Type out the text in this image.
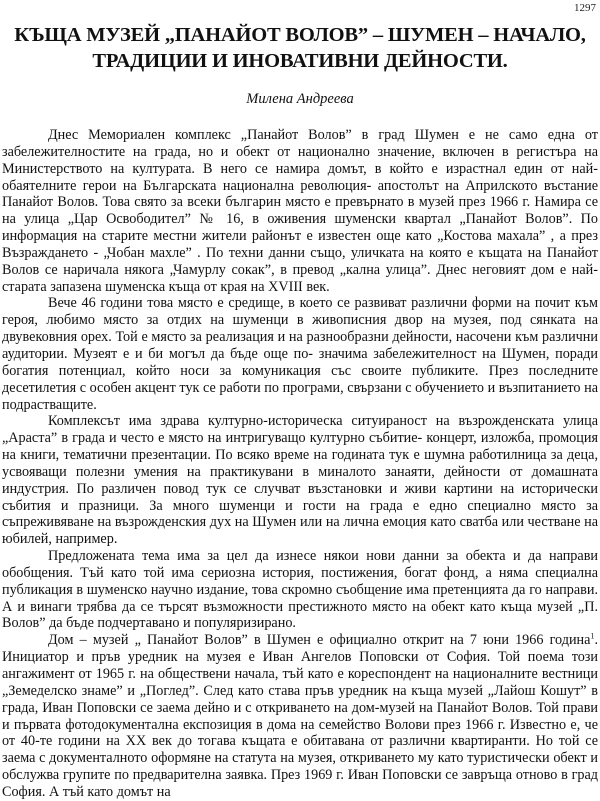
1297
КЪЩА МУЗЕЙ „ПАНАЙОТ ВОЛОВ” – ШУМЕН – НАЧАЛО,
ТРАДИЦИИ И ИНОВАТИВНИ ДЕЙНОСТИ.
Милена Андреева

Днес Мемориален комплекс „Панайот Волов” в град Шумен е не само една от забележителностите на града, но и обект от национално значение, включен в регистъра на Министерството на културата. В него се намира домът, в който е израстнал един от най-обаятелните герои на Българската национална революция- апостолът на Априлското въстание Панайот Волов. Това свято за всеки българин място е превърнато в музей през 1966 г. Намира се на улица „Цар Освободител” № 16, в оживения шуменски квартал „Панайот Волов”. По информация на старите местни жители районът е известен още като „Костова махала” , а през Възраждането - „Чобан махле” . По техни данни също, уличката на която е къщата на Панайот Волов се наричала някога „Чамурлу сокак”, в превод „кална улица”. Днес неговият дом е най-старата запазена шуменска къща от края на XVIII век.

Вече 46 години това място е средище, в което се развиват различни форми на почит към героя, любимо място за отдих на шуменци в живописния двор на музея, под сянката на двувековния орех. Той е място за реализация и на разнообразни дейности, насочени към различни аудитории. Музеят е и би могъл да бъде още по- значима забележителност на Шумен, поради богатия потенциал, който носи за комуникация със своите публиките. През последните десетилетия с особен акцент тук се работи по програми, свързани с обучението и възпитанието на подрастващите.

Комплексът има здрава културно-историческа ситуираност на възрожденската улица „Араста” в града и често е място на интригуващо културно събитие- концерт, изложба, промоция на книги, тематични презентации. По всяко време на годината тук е шумна работилница за деца, усвояващи полезни умения на практикувани в миналото занаяти, дейности от домашната индустрия. По различен повод тук се случват възстановки и живи картини на исторически събития и празници. За много шуменци и гости на града е едно специално място за съпреживяване на възрожденския дух на Шумен или на лична емоция като сватба или честване на юбилей, например.

Предложената тема има за цел да изнесе някои нови данни за обекта и да направи обобщения. Тъй като той има сериозна история, постижения, богат фонд, а няма специална публикация в шуменско научно издание, това скромно съобщение има претенцията да го направи. А и винаги трябва да се търсят възможности престижното място на обект като къща музей „П. Волов” да бъде подчертавано и популяризирано.

Дом – музей „ Панайот Волов” в Шумен е официално открит на 7 юни 1966 година$^1$. Инициатор и пръв уредник на музея е Иван Ангелов Поповски от София. Той поема този ангажимент от 1965 г. на обществени начала, тъй като е кореспондент на националните вестници „Земеделско знаме” и „Поглед”. След като става пръв уредник на къща музей „Лайош Кошут” в града, Иван Поповски се заема дейно и с откриването на дом-музей на Панайот Волов. Той прави и първата фотодокументална експозиция в дома на семейство Волови през 1966 г. Известно е, че от 40-те години на XX век до тогава къщата е обитавана от различни квартиранти. Но той се заема с документалното оформяне на статута на музея, откриването му като туристически обект и обслужва групите по предварителна заявка. През 1969 г. Иван Поповски се завръща отново в град София. А тъй като домът на
